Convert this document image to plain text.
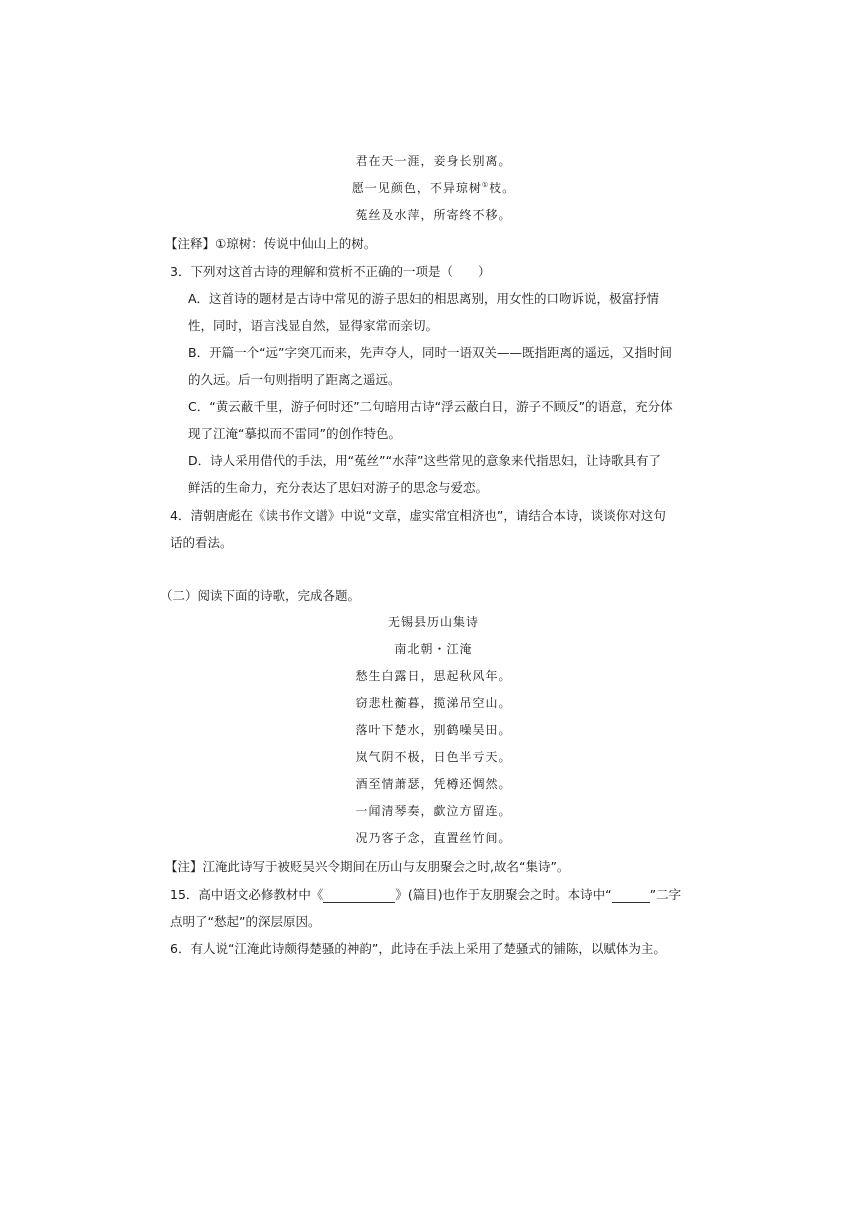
君在天一涯，妾身长别离。
愿一见颜色，不异琼树①枝。
菟丝及水萍，所寄终不移。
【注释】①琼树：传说中仙山上的树。
3．下列对这首古诗的理解和赏析不正确的一项是（　　）
A．这首诗的题材是古诗中常见的游子思妇的相思离别，用女性的口吻诉说，极富抒情
性，同时，语言浅显自然，显得家常而亲切。
B．开篇一个“远”字突兀而来，先声夺人，同时一语双关——既指距离的遥远，又指时间
的久远。后一句则指明了距离之遥远。
C．“黄云蔽千里，游子何时还”二句暗用古诗“浮云蔽白日，游子不顾反”的语意，充分体
现了江淹“摹拟而不雷同”的创作特色。
D．诗人采用借代的手法，用“菟丝”“水萍”这些常见的意象来代指思妇，让诗歌具有了
鲜活的生命力，充分表达了思妇对游子的思念与爱恋。
4．清朝唐彪在《读书作文谱》中说“文章，虚实常宜相济也”，请结合本诗，谈谈你对这句
话的看法。
（二）阅读下面的诗歌，完成各题。
无锡县历山集诗
南北朝・江淹
愁生白露日，思起秋风年。
窃悲杜蘅暮，揽涕吊空山。
落叶下楚水，别鹤噪吴田。
岚气阴不极，日色半亏天。
酒至情萧瑟，凭樽还惆然。
一闻清琴奏，歔泣方留连。
况乃客子念，直置丝竹间。
【注】江淹此诗写于被贬吴兴令期间在历山与友朋聚会之时,故名“集诗”。
15．高中语文必修教材中《	》(篇目)也作于友朋聚会之时。本诗中“	”二字
点明了“愁起”的深层原因。
6．有人说“江淹此诗颇得楚骚的神韵”，此诗在手法上采用了楚骚式的铺陈，以赋体为主。
